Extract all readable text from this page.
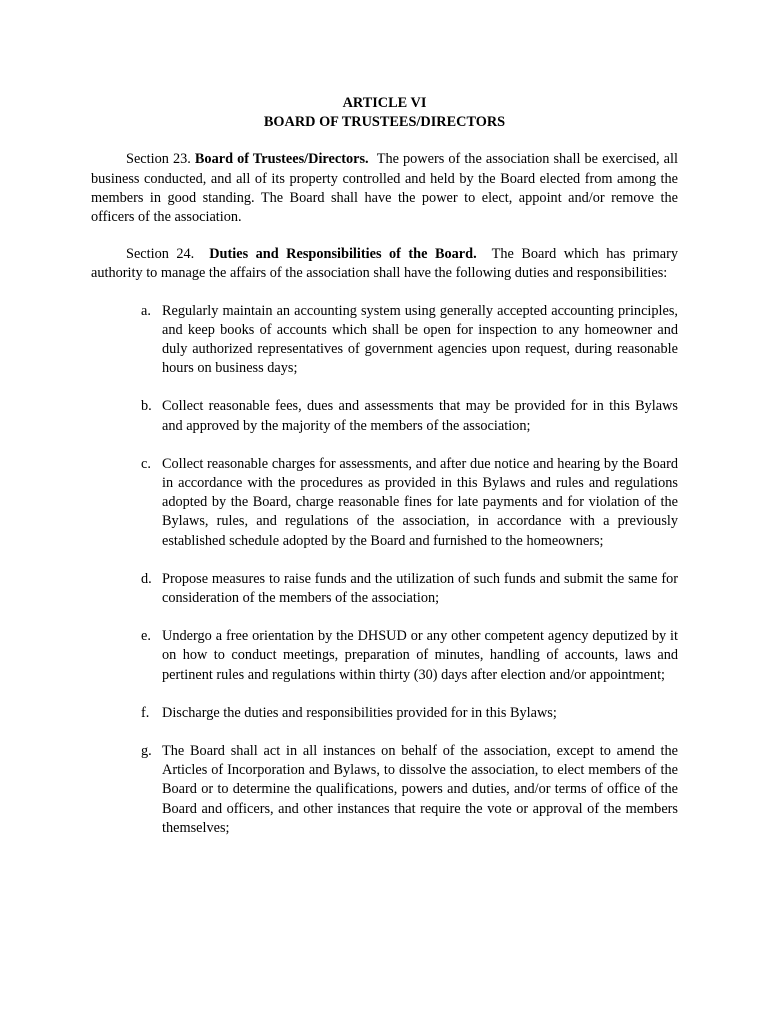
ARTICLE VI

BOARD OF TRUSTEES/DIRECTORS

Section 23. Board of Trustees/Directors. The powers of the association shall be exercised, all business conducted, and all of its property controlled and held by the Board elected from among the members in good standing. The Board shall have the power to elect, appoint and/or remove the officers of the association.

Section 24. Duties and Responsibilities of the Board. The Board which has primary authority to manage the affairs of the association shall have the following duties and responsibilities:

a. Regularly maintain an accounting system using generally accepted accounting principles, and keep books of accounts which shall be open for inspection to any homeowner and duly authorized representatives of government agencies upon request, during reasonable hours on business days;
b. Collect reasonable fees, dues and assessments that may be provided for in this Bylaws and approved by the majority of the members of the association;
c. Collect reasonable charges for assessments, and after due notice and hearing by the Board in accordance with the procedures as provided in this Bylaws and rules and regulations adopted by the Board, charge reasonable fines for late payments and for violation of the Bylaws, rules, and regulations of the association, in accordance with a previously established schedule adopted by the Board and furnished to the homeowners;
d. Propose measures to raise funds and the utilization of such funds and submit the same for consideration of the members of the association;
e. Undergo a free orientation by the DHSUD or any other competent agency deputized by it on how to conduct meetings, preparation of minutes, handling of accounts, laws and pertinent rules and regulations within thirty (30) days after election and/or appointment;
f. Discharge the duties and responsibilities provided for in this Bylaws;
g. The Board shall act in all instances on behalf of the association, except to amend the Articles of Incorporation and Bylaws, to dissolve the association, to elect members of the Board or to determine the qualifications, powers and duties, and/or terms of office of the Board and officers, and other instances that require the vote or approval of the members themselves;
